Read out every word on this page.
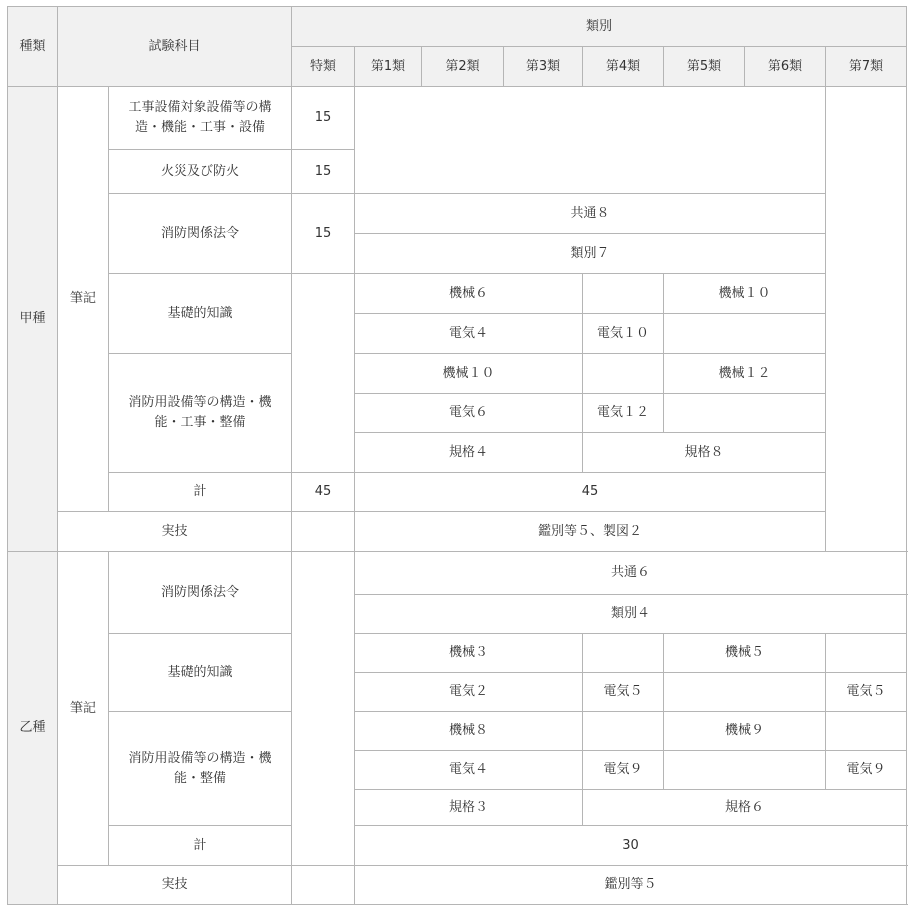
種類	試験科目		類別							
			特類	第1類	第2類	第3類	第4類	第5類	第6類	第7類
甲種	筆記	工事設備対象設備等の構造・機能・工事・設備	15							
		火災及び防火	15							
		消防関係法令	15	共通８						
				類別７						
		基礎的知識		機械６				機械１０		
				電気４			電気１０			
		消防用設備等の構造・機能・工事・整備		機械１０				機械１２		
				電気６			電気１２			
				規格４			規格８			
		計	45	45						

	実技			鑑別等５、製図２						
乙種	筆記	消防関係法令		共通６						
				類別４						
		基礎的知識		機械３				機械５		
				電気２			電気５			電気５
		消防用設備等の構造・機能・整備		機械８				機械９		
				電気４			電気９			電気９
				規格３			規格６			
		計		30						

	実技			鑑別等５						
